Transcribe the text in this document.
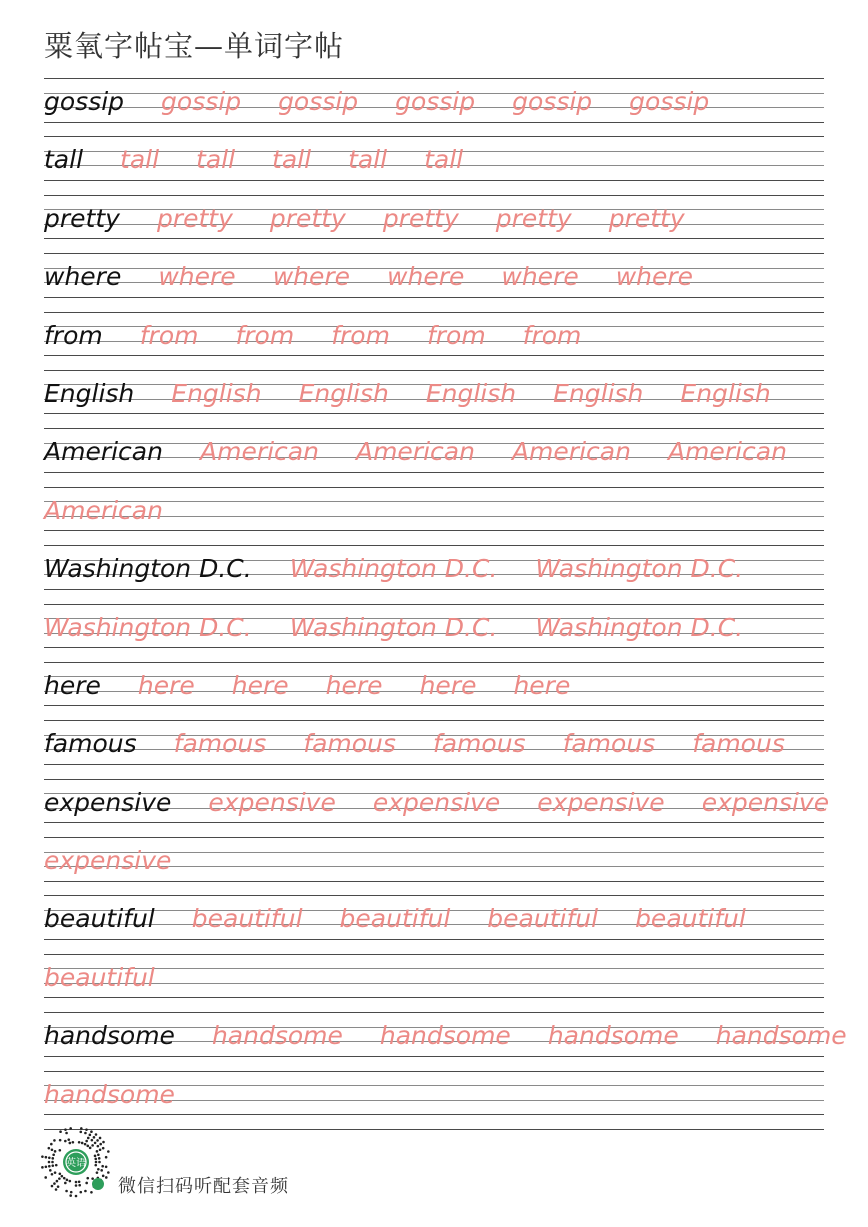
粟氧字帖宝—单词字帖
gossip gossip gossip gossip gossip gossip
tall tall tall tall tall tall
pretty pretty pretty pretty pretty pretty
where where where where where where
from from from from from from
English English English English English English
American American American American American
American
Washington D.C. Washington D.C. Washington D.C.
Washington D.C. Washington D.C. Washington D.C.
here here here here here here
famous famous famous famous famous famous
expensive expensive expensive expensive expensive
expensive
beautiful beautiful beautiful beautiful beautiful
beautiful
handsome handsome handsome handsome handsome
handsome
英语
微信扫码听配套音频
